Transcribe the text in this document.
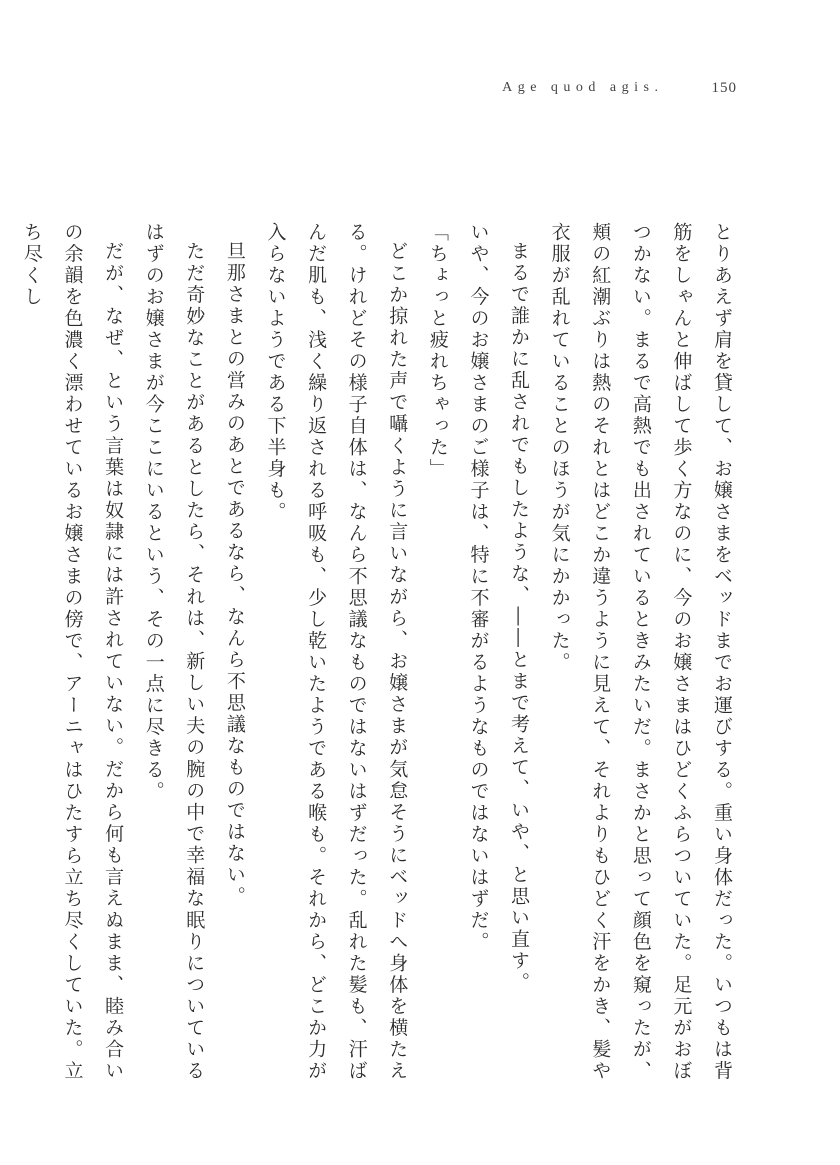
Age quod agis.	150

とりあえず肩を貸して、お嬢さまをベッドまでお運びする。重い身体だった。いつもは背筋をしゃんと伸ばして歩く方なのに、今のお嬢さまはひどくふらついていた。足元がおぼつかない。まるで高熱でも出されているときみたいだ。まさかと思って顔色を窺ったが、頬の紅潮ぶりは熱のそれとはどこか違うように見えて、それよりもひどく汗をかき、髪や衣服が乱れていることのほうが気にかかった。

まるで誰かに乱されでもしたような、――とまで考えて、いや、と思い直す。

いや、今のお嬢さまのご様子は、特に不審がるようなものではないはずだ。

「ちょっと疲れちゃった」

どこか掠れた声で囁くように言いながら、お嬢さまが気怠そうにベッドへ身体を横たえる。けれどその様子自体は、なんら不思議なものではないはずだった。乱れた髪も、汗ばんだ肌も、浅く繰り返される呼吸も、少し乾いたようである喉も。それから、どこか力が入らないようである下半身も。

旦那さまとの営みのあとであるなら、なんら不思議なものではない。

ただ奇妙なことがあるとしたら、それは、新しい夫の腕の中で幸福な眠りについているはずのお嬢さまが今ここにいるという、その一点に尽きる。

だが、なぜ、という言葉は奴隷には許されていない。だから何も言えぬまま、睦み合いの余韻を色濃く漂わせているお嬢さまの傍で、アーニャはひたすら立ち尽くしていた。立ち尽くし
